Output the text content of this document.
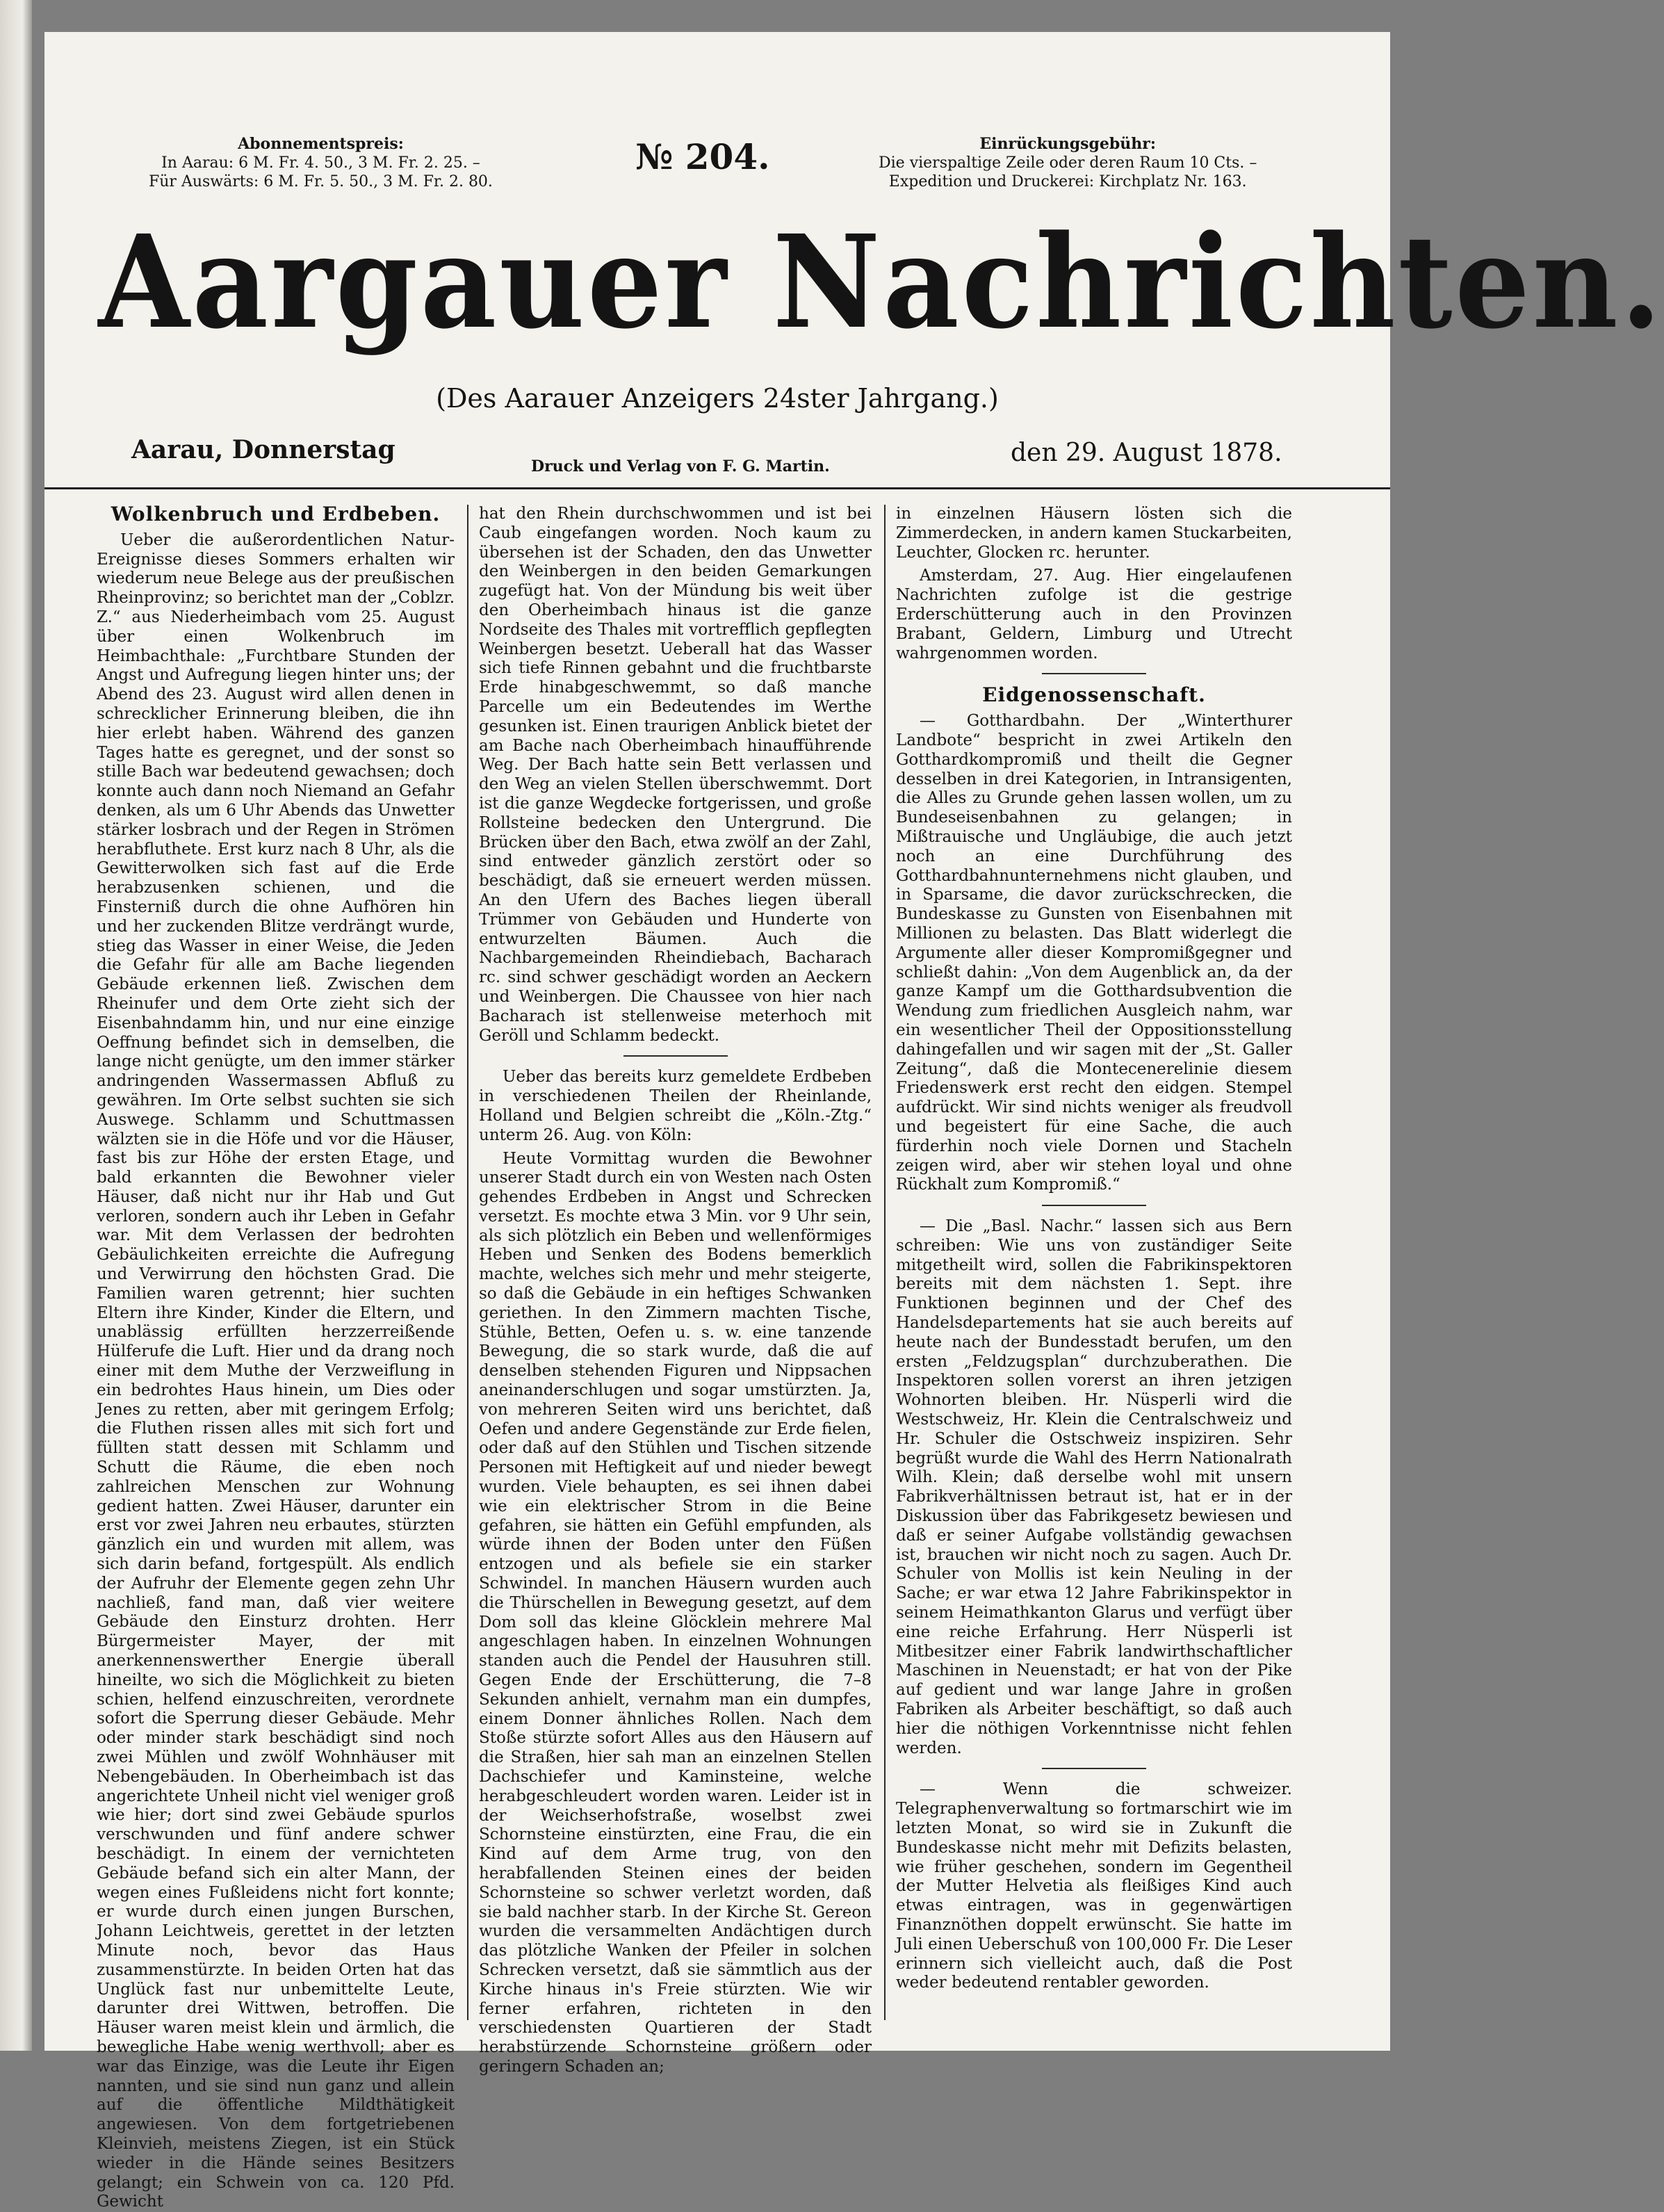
Abonnementspreis:
In Aarau: 6 M. Fr. 4. 50., 3 M. Fr. 2. 25. –
Für Auswärts: 6 M. Fr. 5. 50., 3 M. Fr. 2. 80.
№ 204.	Einrückungsgebühr:
Die vierspaltige Zeile oder deren Raum 10 Cts. –
Expedition und Druckerei: Kirchplatz Nr. 163.
Aargauer Nachrichten.
(Des Aarauer Anzeigers 24ster Jahrgang.)
Aarau, Donnerstag
Druck und Verlag von F. G. Martin.	den 29. August 1878.
Wolkenbruch und Erdbeben.

Ueber die außerordentlichen Natur-Ereignisse dieses Sommers erhalten wir wiederum neue Belege aus der preußischen Rheinprovinz; so berichtet man der „Coblzr. Z.“ aus Niederheimbach vom 25. August über einen Wolkenbruch im Heimbachthale: „Furchtbare Stunden der Angst und Aufregung liegen hinter uns; der Abend des 23. August wird allen denen in schrecklicher Erinnerung bleiben, die ihn hier erlebt haben. Während des ganzen Tages hatte es geregnet, und der sonst so stille Bach war bedeutend gewachsen; doch konnte auch dann noch Niemand an Gefahr denken, als um 6 Uhr Abends das Unwetter stärker losbrach und der Regen in Strömen herabfluthete. Erst kurz nach 8 Uhr, als die Gewitterwolken sich fast auf die Erde herabzusenken schienen, und die Finsterniß durch die ohne Aufhören hin und her zuckenden Blitze verdrängt wurde, stieg das Wasser in einer Weise, die Jeden die Gefahr für alle am Bache liegenden Gebäude erkennen ließ. Zwischen dem Rheinufer und dem Orte zieht sich der Eisenbahndamm hin, und nur eine einzige Oeffnung befindet sich in demselben, die lange nicht genügte, um den immer stärker andringenden Wassermassen Abfluß zu gewähren. Im Orte selbst suchten sie sich Auswege. Schlamm und Schuttmassen wälzten sie in die Höfe und vor die Häuser, fast bis zur Höhe der ersten Etage, und bald erkannten die Bewohner vieler Häuser, daß nicht nur ihr Hab und Gut verloren, sondern auch ihr Leben in Gefahr war. Mit dem Verlassen der bedrohten Gebäulichkeiten erreichte die Aufregung und Verwirrung den höchsten Grad. Die Familien waren getrennt; hier suchten Eltern ihre Kinder, Kinder die Eltern, und unablässig erfüllten herzzerreißende Hülferufe die Luft. Hier und da drang noch einer mit dem Muthe der Verzweiflung in ein bedrohtes Haus hinein, um Dies oder Jenes zu retten, aber mit geringem Erfolg; die Fluthen rissen alles mit sich fort und füllten statt dessen mit Schlamm und Schutt die Räume, die eben noch zahlreichen Menschen zur Wohnung gedient hatten. Zwei Häuser, darunter ein erst vor zwei Jahren neu erbautes, stürzten gänzlich ein und wurden mit allem, was sich darin befand, fortgespült. Als endlich der Aufruhr der Elemente gegen zehn Uhr nachließ, fand man, daß vier weitere Gebäude den Einsturz drohten. Herr Bürgermeister Mayer, der mit anerkennenswerther Energie überall hineilte, wo sich die Möglichkeit zu bieten schien, helfend einzuschreiten, verordnete sofort die Sperrung dieser Gebäude. Mehr oder minder stark beschädigt sind noch zwei Mühlen und zwölf Wohnhäuser mit Nebengebäuden. In Oberheimbach ist das angerichtete Unheil nicht viel weniger groß wie hier; dort sind zwei Gebäude spurlos verschwunden und fünf andere schwer beschädigt. In einem der vernichteten Gebäude befand sich ein alter Mann, der wegen eines Fußleidens nicht fort konnte; er wurde durch einen jungen Burschen, Johann Leichtweis, gerettet in der letzten Minute noch, bevor das Haus zusammenstürzte. In beiden Orten hat das Unglück fast nur unbemittelte Leute, darunter drei Wittwen, betroffen. Die Häuser waren meist klein und ärmlich, die bewegliche Habe wenig werthvoll; aber es war das Einzige, was die Leute ihr Eigen nannten, und sie sind nun ganz und allein auf die öffentliche Mildthätigkeit angewiesen. Von dem fortgetriebenen Kleinvieh, meistens Ziegen, ist ein Stück wieder in die Hände seines Besitzers gelangt; ein Schwein von ca. 120 Pfd. Gewicht

hat den Rhein durchschwommen und ist bei Caub eingefangen worden. Noch kaum zu übersehen ist der Schaden, den das Unwetter den Weinbergen in den beiden Gemarkungen zugefügt hat. Von der Mündung bis weit über den Oberheimbach hinaus ist die ganze Nordseite des Thales mit vortrefflich gepflegten Weinbergen besetzt. Ueberall hat das Wasser sich tiefe Rinnen gebahnt und die fruchtbarste Erde hinabgeschwemmt, so daß manche Parcelle um ein Bedeutendes im Werthe gesunken ist. Einen traurigen Anblick bietet der am Bache nach Oberheimbach hinaufführende Weg. Der Bach hatte sein Bett verlassen und den Weg an vielen Stellen überschwemmt. Dort ist die ganze Wegdecke fortgerissen, und große Rollsteine bedecken den Untergrund. Die Brücken über den Bach, etwa zwölf an der Zahl, sind entweder gänzlich zerstört oder so beschädigt, daß sie erneuert werden müssen. An den Ufern des Baches liegen überall Trümmer von Gebäuden und Hunderte von entwurzelten Bäumen. Auch die Nachbargemeinden Rheindiebach, Bacharach rc. sind schwer geschädigt worden an Aeckern und Weinbergen. Die Chaussee von hier nach Bacharach ist stellenweise meterhoch mit Geröll und Schlamm bedeckt.

Ueber das bereits kurz gemeldete Erdbeben in verschiedenen Theilen der Rheinlande, Holland und Belgien schreibt die „Köln.-Ztg.“ unterm 26. Aug. von Köln:

Heute Vormittag wurden die Bewohner unserer Stadt durch ein von Westen nach Osten gehendes Erdbeben in Angst und Schrecken versetzt. Es mochte etwa 3 Min. vor 9 Uhr sein, als sich plötzlich ein Beben und wellenförmiges Heben und Senken des Bodens bemerklich machte, welches sich mehr und mehr steigerte, so daß die Gebäude in ein heftiges Schwanken geriethen. In den Zimmern machten Tische, Stühle, Betten, Oefen u. s. w. eine tanzende Bewegung, die so stark wurde, daß die auf denselben stehenden Figuren und Nippsachen aneinanderschlugen und sogar umstürzten. Ja, von mehreren Seiten wird uns berichtet, daß Oefen und andere Gegenstände zur Erde fielen, oder daß auf den Stühlen und Tischen sitzende Personen mit Heftigkeit auf und nieder bewegt wurden. Viele behaupten, es sei ihnen dabei wie ein elektrischer Strom in die Beine gefahren, sie hätten ein Gefühl empfunden, als würde ihnen der Boden unter den Füßen entzogen und als befiele sie ein starker Schwindel. In manchen Häusern wurden auch die Thürschellen in Bewegung gesetzt, auf dem Dom soll das kleine Glöcklein mehrere Mal angeschlagen haben. In einzelnen Wohnungen standen auch die Pendel der Hausuhren still. Gegen Ende der Erschütterung, die 7–8 Sekunden anhielt, vernahm man ein dumpfes, einem Donner ähnliches Rollen. Nach dem Stoße stürzte sofort Alles aus den Häusern auf die Straßen, hier sah man an einzelnen Stellen Dachschiefer und Kaminsteine, welche herabgeschleudert worden waren. Leider ist in der Weichserhofstraße, woselbst zwei Schornsteine einstürzten, eine Frau, die ein Kind auf dem Arme trug, von den herabfallenden Steinen eines der beiden Schornsteine so schwer verletzt worden, daß sie bald nachher starb. In der Kirche St. Gereon wurden die versammelten Andächtigen durch das plötzliche Wanken der Pfeiler in solchen Schrecken versetzt, daß sie sämmtlich aus der Kirche hinaus in's Freie stürzten. Wie wir ferner erfahren, richteten in den verschiedensten Quartieren der Stadt herabstürzende Schornsteine größern oder geringern Schaden an;

in einzelnen Häusern lösten sich die Zimmerdecken, in andern kamen Stuckarbeiten, Leuchter, Glocken rc. herunter.

Amsterdam, 27. Aug. Hier eingelaufenen Nachrichten zufolge ist die gestrige Erderschütterung auch in den Provinzen Brabant, Geldern, Limburg und Utrecht wahrgenommen worden.

Eidgenossenschaft.

— Gotthardbahn. Der „Winterthurer Landbote“ bespricht in zwei Artikeln den Gotthardkompromiß und theilt die Gegner desselben in drei Kategorien, in Intransigenten, die Alles zu Grunde gehen lassen wollen, um zu Bundeseisenbahnen zu gelangen; in Mißtrauische und Ungläubige, die auch jetzt noch an eine Durchführung des Gotthardbahnunternehmens nicht glauben, und in Sparsame, die davor zurückschrecken, die Bundeskasse zu Gunsten von Eisenbahnen mit Millionen zu belasten. Das Blatt widerlegt die Argumente aller dieser Kompromißgegner und schließt dahin: „Von dem Augenblick an, da der ganze Kampf um die Gotthardsubvention die Wendung zum friedlichen Ausgleich nahm, war ein wesentlicher Theil der Oppositionsstellung dahingefallen und wir sagen mit der „St. Galler Zeitung“, daß die Montecenerelinie diesem Friedenswerk erst recht den eidgen. Stempel aufdrückt. Wir sind nichts weniger als freudvoll und begeistert für eine Sache, die auch fürderhin noch viele Dornen und Stacheln zeigen wird, aber wir stehen loyal und ohne Rückhalt zum Kompromiß.“

— Die „Basl. Nachr.“ lassen sich aus Bern schreiben: Wie uns von zuständiger Seite mitgetheilt wird, sollen die Fabrikinspektoren bereits mit dem nächsten 1. Sept. ihre Funktionen beginnen und der Chef des Handelsdepartements hat sie auch bereits auf heute nach der Bundesstadt berufen, um den ersten „Feldzugsplan“ durchzuberathen. Die Inspektoren sollen vorerst an ihren jetzigen Wohnorten bleiben. Hr. Nüsperli wird die Westschweiz, Hr. Klein die Centralschweiz und Hr. Schuler die Ostschweiz inspiziren. Sehr begrüßt wurde die Wahl des Herrn Nationalrath Wilh. Klein; daß derselbe wohl mit unsern Fabrikverhältnissen betraut ist, hat er in der Diskussion über das Fabrikgesetz bewiesen und daß er seiner Aufgabe vollständig gewachsen ist, brauchen wir nicht noch zu sagen. Auch Dr. Schuler von Mollis ist kein Neuling in der Sache; er war etwa 12 Jahre Fabrikinspektor in seinem Heimathkanton Glarus und verfügt über eine reiche Erfahrung. Herr Nüsperli ist Mitbesitzer einer Fabrik landwirthschaftlicher Maschinen in Neuenstadt; er hat von der Pike auf gedient und war lange Jahre in großen Fabriken als Arbeiter beschäftigt, so daß auch hier die nöthigen Vorkenntnisse nicht fehlen werden.

— Wenn die schweizer. Telegraphenverwaltung so fortmarschirt wie im letzten Monat, so wird sie in Zukunft die Bundeskasse nicht mehr mit Defizits belasten, wie früher geschehen, sondern im Gegentheil der Mutter Helvetia als fleißiges Kind auch etwas eintragen, was in gegenwärtigen Finanznöthen doppelt erwünscht. Sie hatte im Juli einen Ueberschuß von 100,000 Fr. Die Leser erinnern sich vielleicht auch, daß die Post weder bedeutend rentabler geworden.
